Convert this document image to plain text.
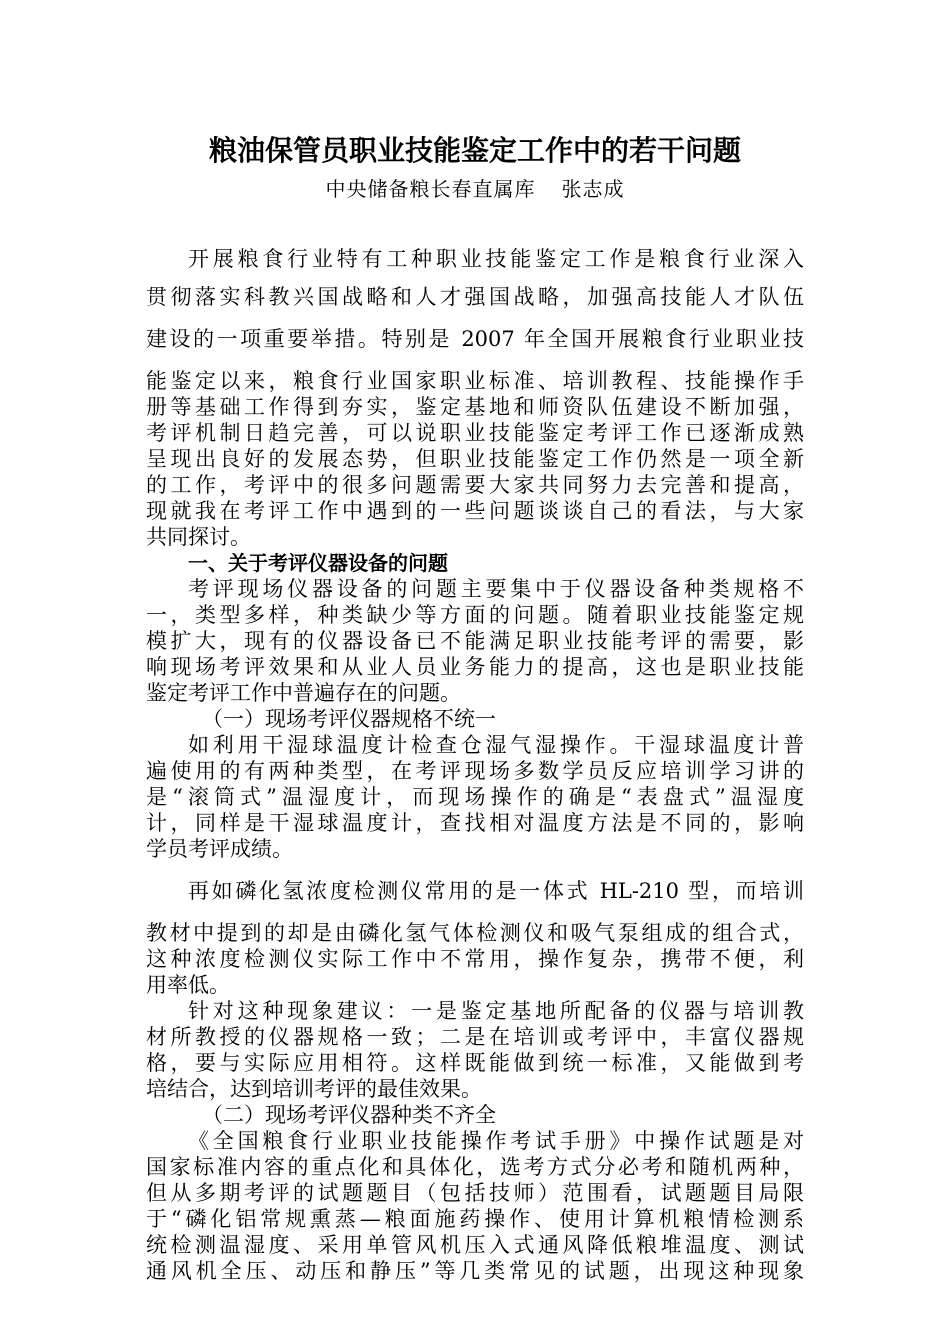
粮油保管员职业技能鉴定工作中的若干问题
中央储备粮长春直属库 张志成
开展粮食行业特有工种职业技能鉴定工作是粮食行业深入
贯彻落实科教兴国战略和人才强国战略，加强高技能人才队伍
建设的一项重要举措。特别是 2007 年全国开展粮食行业职业技
能鉴定以来，粮食行业国家职业标准、培训教程、技能操作手
册等基础工作得到夯实，鉴定基地和师资队伍建设不断加强，
考评机制日趋完善，可以说职业技能鉴定考评工作已逐渐成熟
呈现出良好的发展态势，但职业技能鉴定工作仍然是一项全新
的工作，考评中的很多问题需要大家共同努力去完善和提高，
现就我在考评工作中遇到的一些问题谈谈自己的看法，与大家
共同探讨。
一、关于考评仪器设备的问题
考评现场仪器设备的问题主要集中于仪器设备种类规格不
一，类型多样，种类缺少等方面的问题。随着职业技能鉴定规
模扩大，现有的仪器设备已不能满足职业技能考评的需要，影
响现场考评效果和从业人员业务能力的提高，这也是职业技能
鉴定考评工作中普遍存在的问题。
（一）现场考评仪器规格不统一
如利用干湿球温度计检查仓湿气湿操作。干湿球温度计普
遍使用的有两种类型，在考评现场多数学员反应培训学习讲的
是“滚筒式”温湿度计，而现场操作的确是“表盘式”温湿度
计，同样是干湿球温度计，查找相对温度方法是不同的，影响
学员考评成绩。
再如磷化氢浓度检测仪常用的是一体式 HL-210 型，而培训
教材中提到的却是由磷化氢气体检测仪和吸气泵组成的组合式，
这种浓度检测仪实际工作中不常用，操作复杂，携带不便，利
用率低。
针对这种现象建议：一是鉴定基地所配备的仪器与培训教
材所教授的仪器规格一致；二是在培训或考评中，丰富仪器规
格，要与实际应用相符。这样既能做到统一标准，又能做到考
培结合，达到培训考评的最佳效果。
（二）现场考评仪器种类不齐全
《全国粮食行业职业技能操作考试手册》中操作试题是对
国家标准内容的重点化和具体化，选考方式分必考和随机两种，
但从多期考评的试题题目（包括技师）范围看，试题题目局限
于“磷化铝常规熏蒸—粮面施药操作、使用计算机粮情检测系
统检测温湿度、采用单管风机压入式通风降低粮堆温度、测试
通风机全压、动压和静压”等几类常见的试题，出现这种现象
